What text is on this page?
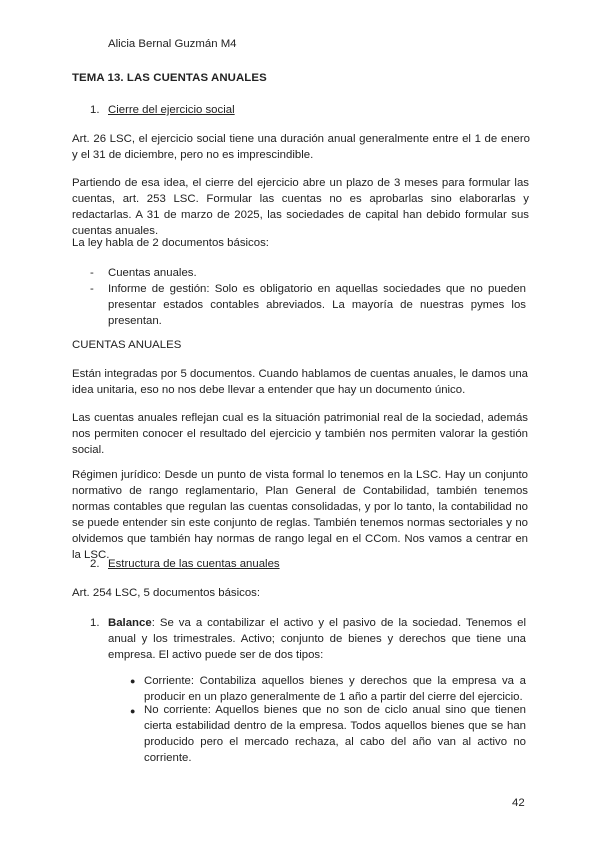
Alicia Bernal Guzmán M4

TEMA 13. LAS CUENTAS ANUALES

1. Cierre del ejercicio social

Art. 26 LSC, el ejercicio social tiene una duración anual generalmente entre el 1 de enero y el 31 de diciembre, pero no es imprescindible.

Partiendo de esa idea, el cierre del ejercicio abre un plazo de 3 meses para formular las cuentas, art. 253 LSC. Formular las cuentas no es aprobarlas sino elaborarlas y redactarlas. A 31 de marzo de 2025, las sociedades de capital han debido formular sus cuentas anuales.

La ley habla de 2 documentos básicos:

- Cuentas anuales.

- Informe de gestión: Solo es obligatorio en aquellas sociedades que no pueden presentar estados contables abreviados. La mayoría de nuestras pymes los presentan.

CUENTAS ANUALES

Están integradas por 5 documentos. Cuando hablamos de cuentas anuales, le damos una idea unitaria, eso no nos debe llevar a entender que hay un documento único.

Las cuentas anuales reflejan cual es la situación patrimonial real de la sociedad, además nos permiten conocer el resultado del ejercicio y también nos permiten valorar la gestión social.

Régimen jurídico: Desde un punto de vista formal lo tenemos en la LSC. Hay un conjunto normativo de rango reglamentario, Plan General de Contabilidad, también tenemos normas contables que regulan las cuentas consolidadas, y por lo tanto, la contabilidad no se puede entender sin este conjunto de reglas. También tenemos normas sectoriales y no olvidemos que también hay normas de rango legal en el CCom. Nos vamos a centrar en la LSC.

2. Estructura de las cuentas anuales

Art. 254 LSC, 5 documentos básicos:

1. Balance: Se va a contabilizar el activo y el pasivo de la sociedad. Tenemos el anual y los trimestrales. Activo; conjunto de bienes y derechos que tiene una empresa. El activo puede ser de dos tipos:

● Corriente: Contabiliza aquellos bienes y derechos que la empresa va a producir en un plazo generalmente de 1 año a partir del cierre del ejercicio.

● No corriente: Aquellos bienes que no son de ciclo anual sino que tienen cierta estabilidad dentro de la empresa. Todos aquellos bienes que se han producido pero el mercado rechaza, al cabo del año van al activo no corriente.

42
